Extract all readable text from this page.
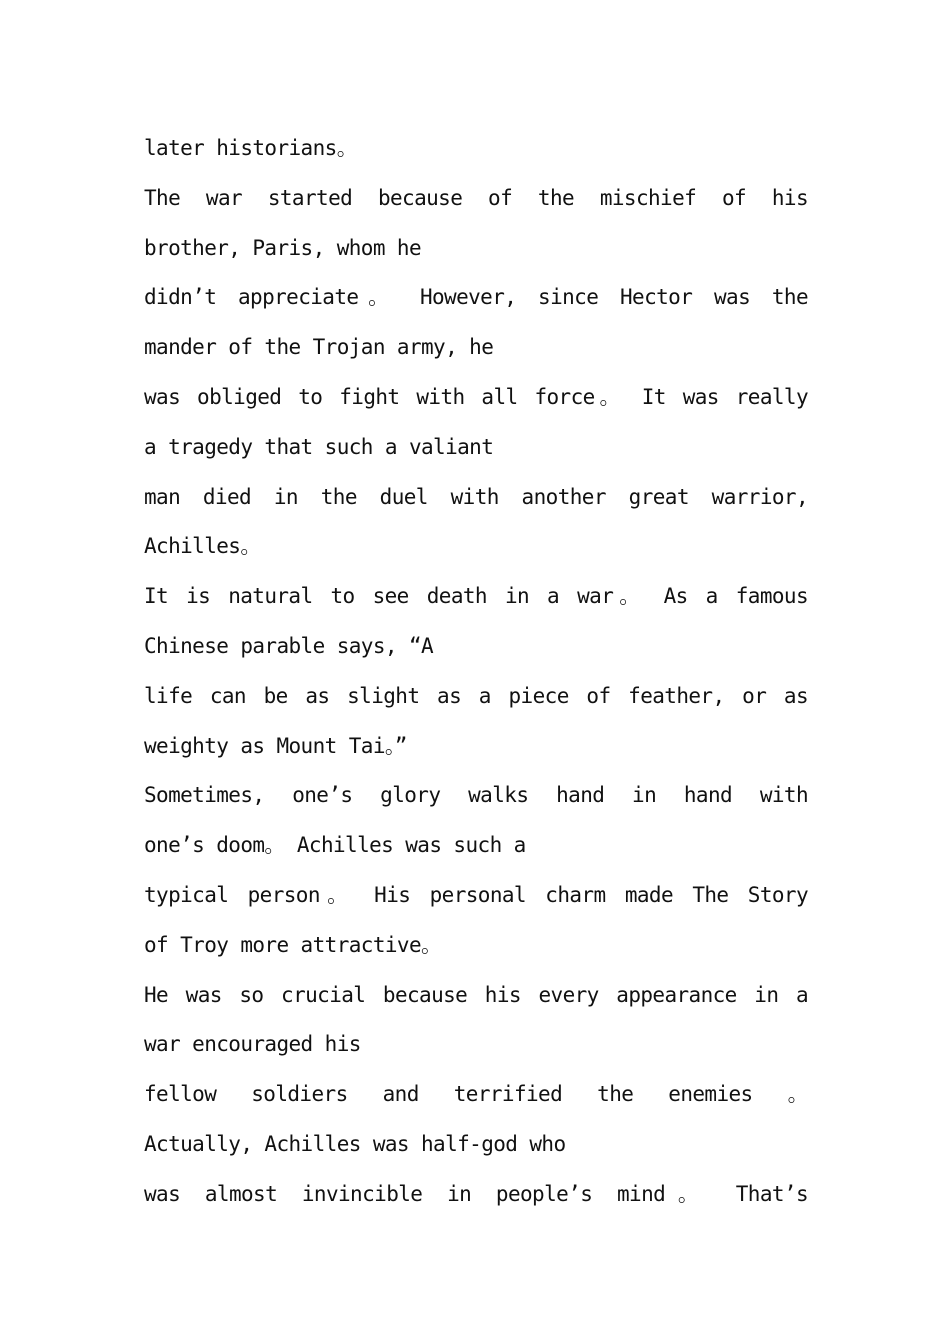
later historians。
The war started because of the mischief of his
brother, Paris, whom he
didn’t appreciate。 However, since Hector was the
mander of the Trojan army, he
was obliged to fight with all force。 It was really
a tragedy that such a valiant
man died in the duel with another great warrior,
Achilles。
It is natural to see death in a war。 As a famous
Chinese parable says, “A
life can be as slight as a piece of feather, or as
weighty as Mount Tai。”
Sometimes, one’s glory walks hand in hand with
one’s doom。 Achilles was such a
typical person。 His personal charm made The Story
of Troy more attractive。
He was so crucial because his every appearance in a
war encouraged his
fellow soldiers and terrified the enemies 。
Actually, Achilles was half-god who
was almost invincible in people’s mind。 That’s
